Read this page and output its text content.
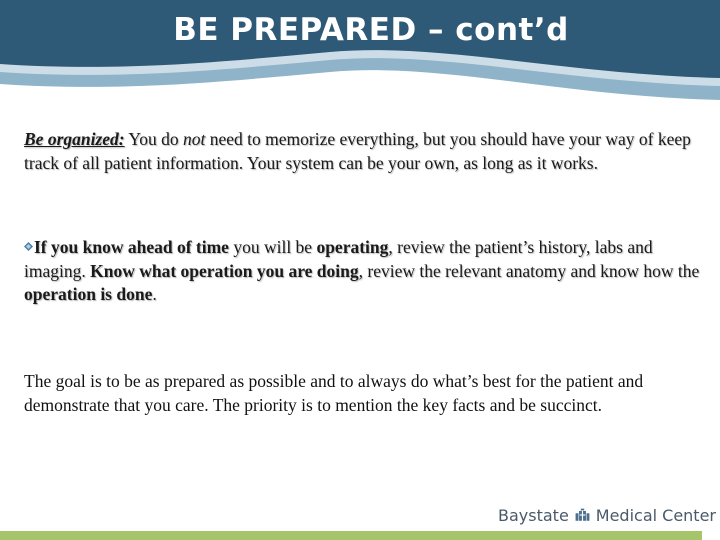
BE PREPARED – cont’d
Be organized: You do not need to memorize everything, but you should have your way of keep track of all patient information. Your system can be your own, as long as it works.
If you know ahead of time you will be operating, review the patient’s history, labs and imaging. Know what operation you are doing, review the relevant anatomy and know how the operation is done.
The goal is to be as prepared as possible and to always do what’s best for the patient and demonstrate that you care. The priority is to mention the key facts and be succinct.
Baystate Medical Center
